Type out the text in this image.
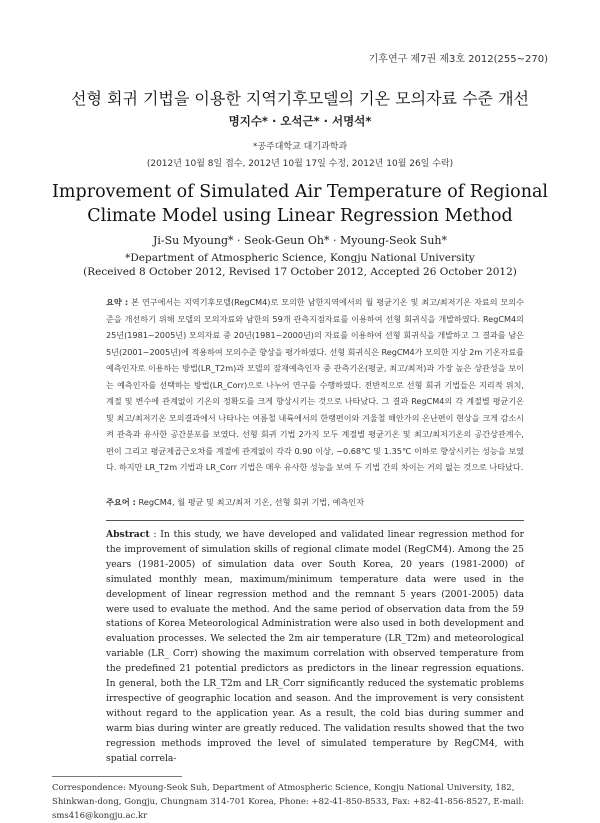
기후연구 제7권 제3호 2012(255~270)
선형 회귀 기법을 이용한 지역기후모델의 기온 모의자료 수준 개선
명지수* · 오석근* · 서명석*
*공주대학교 대기과학과
(2012년 10월 8일 접수, 2012년 10월 17일 수정, 2012년 10월 26일 수락)
Improvement of Simulated Air Temperature of Regional Climate Model using Linear Regression Method
Ji-Su Myoung* · Seok-Geun Oh* · Myoung-Seok Suh*
*Department of Atmospheric Science, Kongju National University
(Received 8 October 2012, Revised 17 October 2012, Accepted 26 October 2012)
요약 : 본 연구에서는 지역기후모델(RegCM4)로 모의한 남한지역에서의 월 평균기온 및 최고/최저기온 자료의 모의수준을 개선하기 위해 모델의 모의자료와 남한의 59개 관측지점자료를 이용하여 선형 회귀식을 개발하였다. RegCM4의 25년(1981~2005년) 모의자료 중 20년(1981~2000년)의 자료를 이용하여 선형 회귀식을 개발하고 그 결과를 남은 5년(2001~2005년)에 적용하여 모의수준 향상을 평가하였다. 선형 회귀식은 RegCM4가 모의한 지상 2m 기온자료를 예측인자로 이용하는 방법(LR_T2m)과 모델의 잠재예측인자 중 관측기온(평균, 최고/최저)과 가장 높은 상관성을 보이는 예측인자를 선택하는 방법(LR_Corr)으로 나누어 연구를 수행하였다. 전반적으로 선형 회귀 기법들은 지리적 위치, 계절 및 변수에 관계없이 기온의 정확도를 크게 향상시키는 것으로 나타났다. 그 결과 RegCM4의 각 계절별 평균기온 및 최고/최저기온 모의결과에서 나타나는 여름철 내륙에서의 한랭편이와 겨울철 해안가의 온난편이 현상을 크게 감소시켜 관측과 유사한 공간분포를 보였다. 선형 회귀 기법 2가지 모두 계절별 평균기온 및 최고/최저기온의 공간상관계수, 편이 그리고 평균제곱근오차를 계절에 관계없이 각각 0.90 이상, −0.68℃ 및 1.35℃ 이하로 향상시키는 성능을 보였다. 하지만 LR_T2m 기법과 LR_Corr 기법은 매우 유사한 성능을 보여 두 기법 간의 차이는 거의 없는 것으로 나타났다.
주요어 : RegCM4, 월 평균 및 최고/최저 기온, 선형 회귀 기법, 예측인자
Abstract : In this study, we have developed and validated linear regression method for the improvement of simulation skills of regional climate model (RegCM4). Among the 25 years (1981-2005) of simulation data over South Korea, 20 years (1981-2000) of simulated monthly mean, maximum/minimum temperature data were used in the development of linear regression method and the remnant 5 years (2001-2005) data were used to evaluate the method. And the same period of observation data from the 59 stations of Korea Meteorological Administration were also used in both development and evaluation processes. We selected the 2m air temperature (LR_T2m) and meteorological variable (LR_ Corr) showing the maximum correlation with observed temperature from the predefined 21 potential predictors as predictors in the linear regression equations. In general, both the LR_T2m and LR_Corr significantly reduced the systematic problems irrespective of geographic location and season. And the improvement is very consistent without regard to the application year. As a result, the cold bias during summer and warm bias during winter are greatly reduced. The validation results showed that the two regression methods improved the level of simulated temperature by RegCM4, with spatial correla-
Correspondence: Myoung-Seok Suh, Department of Atmospheric Science, Kongju National University, 182, Shinkwan-dong, Gongju, Chungnam 314-701 Korea, Phone: +82-41-850-8533, Fax: +82-41-856-8527, E-mail: sms416@kongju.ac.kr
